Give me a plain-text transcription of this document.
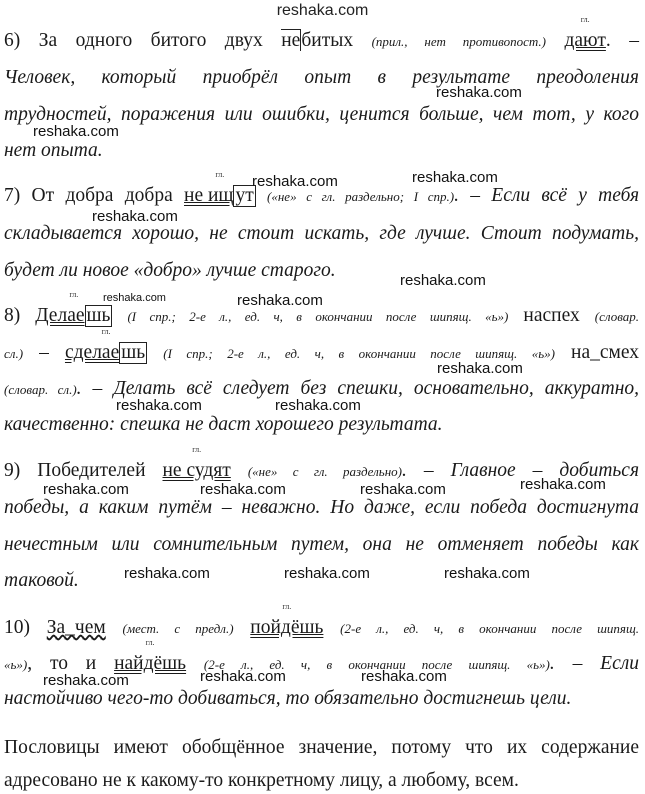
reshaka.com
6) За одного битого двух небитых (прил., нет противопост.)
гл.
дают. –
Человек, который приобрёл опыт в результате преодоления
трудностей, поражения или ошибки, ценится больше, чем тот, у кого
нет опыта.
7) От добра добра
гл.
не ищ ут («не» с гл. раздельно; I спр.). – Если всё у тебя
складывается хорошо, не стоит искать, где лучше. Стоит подумать,
будет ли новое «добро» лучше старого.
8)
гл.
Делае шь (I спр.; 2-е л., ед. ч, в окончании после шипящ. «ь») наспех (словар.
сл.) –
гл.
сделае шь (I спр.; 2-е л., ед. ч, в окончании после шипящ. «ь») на_смех
(словар. сл.). – Делать всё следует без спешки, основательно, аккуратно,
качественно: спешка не даст хорошего результата.
9) Победителей
гл.
не судят («не» с гл. раздельно). – Главное – добиться
победы, а каким путём – неважно. Но даже, если победа достигнута
нечестным или сомнительным путем, она не отменяет победы как
таковой.
10) За_чем (мест. с предл.)
гл.
пойдёшь (2-е л., ед. ч, в окончании после шипящ.
«ь»), то и
гл.
найдёшь (2-е л., ед. ч, в окончании после шипящ. «ь»). – Если
настойчиво чего-то добиваться, то обязательно достигнешь цели.
Пословицы имеют обобщённое значение, потому что их содержание
адресовано не к какому-то конкретному лицу, а любому, всем.
reshaka.com
reshaka.com
reshaka.com
reshaka.com
reshaka.com
reshaka.com
reshaka.com	reshaka.com
reshaka.com
reshaka.com	reshaka.com
reshaka.com
reshaka.com	reshaka.com	reshaka.com
reshaka.com	reshaka.com	reshaka.com
reshaka.com	reshaka.com	reshaka.com
